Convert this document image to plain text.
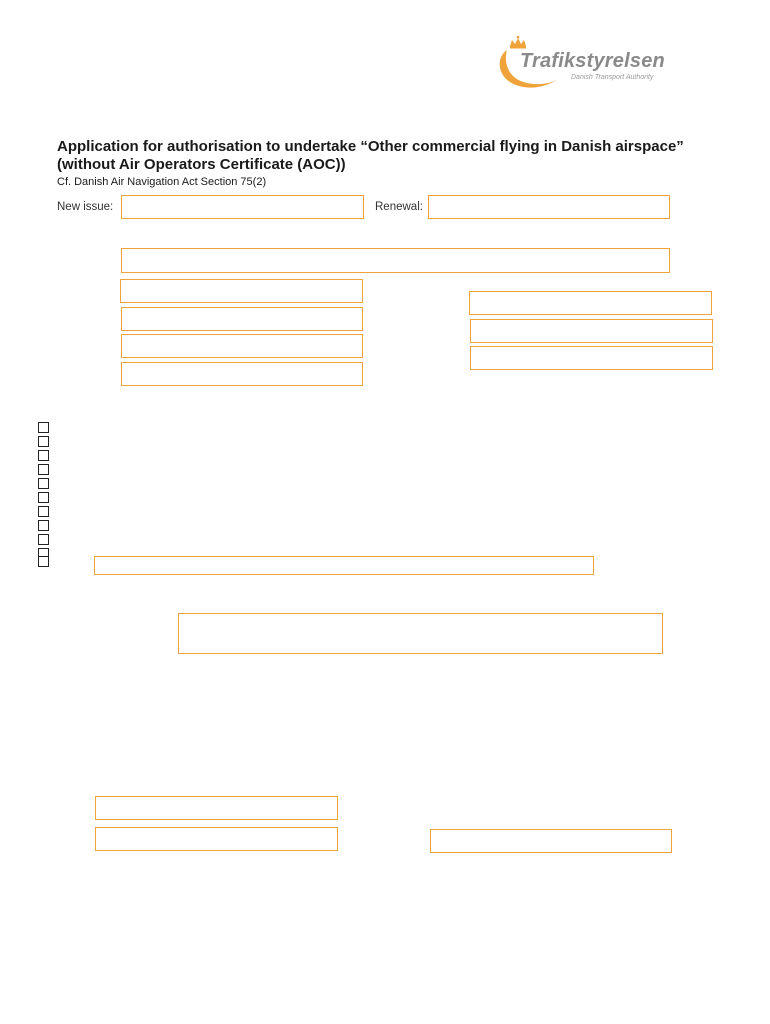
Trafikstyrelsen
Danish Transport Authority
Application for authorisation to undertake “Other commercial flying in Danish airspace”
(without Air Operators Certificate (AOC))
Cf. Danish Air Navigation Act Section 75(2)
New issue:	Renewal:
